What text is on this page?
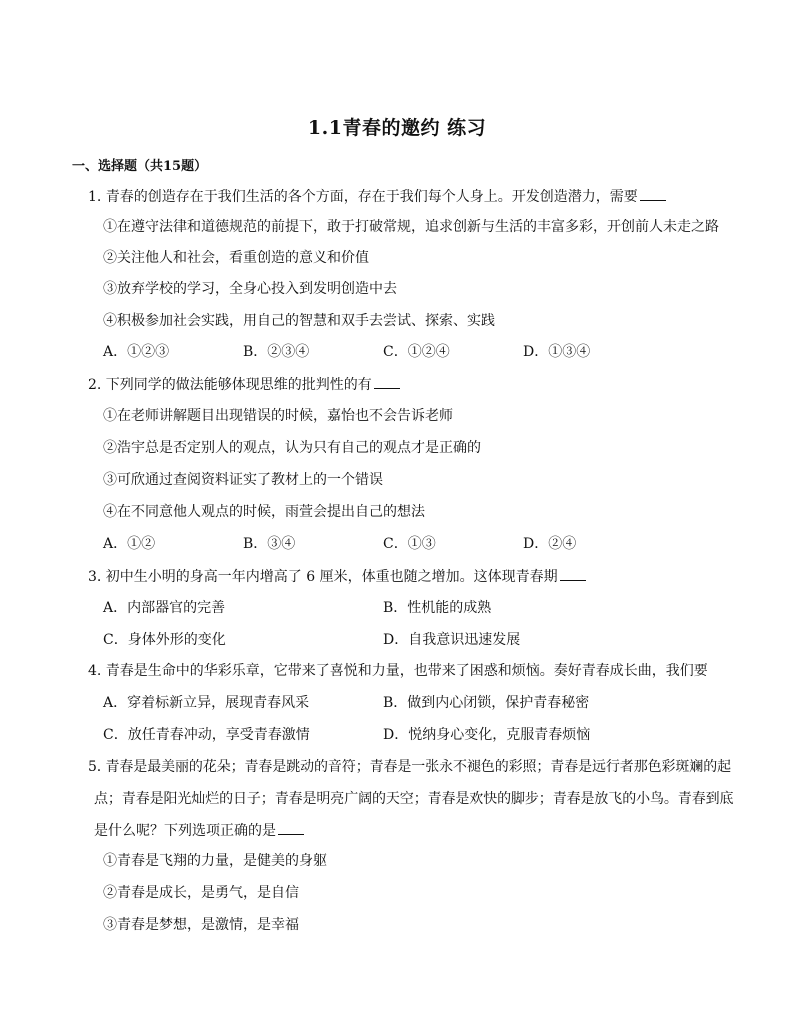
1.1青春的邀约 练习
一、选择题（共15题）
1. 青春的创造存在于我们生活的各个方面，存在于我们每个人身上。开发创造潜力，需要
①在遵守法律和道德规范的前提下，敢于打破常规，追求创新与生活的丰富多彩，开创前人未走之路
②关注他人和社会，看重创造的意义和价值
③放弃学校的学习，全身心投入到发明创造中去
④积极参加社会实践，用自己的智慧和双手去尝试、探索、实践
A．①②③	B．②③④	C．①②④	D．①③④
2. 下列同学的做法能够体现思维的批判性的有
①在老师讲解题目出现错误的时候，嘉怡也不会告诉老师
②浩宇总是否定别人的观点，认为只有自己的观点才是正确的
③可欣通过查阅资料证实了教材上的一个错误
④在不同意他人观点的时候，雨萱会提出自己的想法
A．①②	B．③④	C．①③	D．②④
3. 初中生小明的身高一年内增高了 6 厘米，体重也随之增加。这体现青春期
A．内部器官的完善	B．性机能的成熟
C．身体外形的变化	D．自我意识迅速发展
4. 青春是生命中的华彩乐章，它带来了喜悦和力量，也带来了困惑和烦恼。奏好青春成长曲，我们要
A．穿着标新立异，展现青春风采	B．做到内心闭锁，保护青春秘密
C．放任青春冲动，享受青春激情	D．悦纳身心变化，克服青春烦恼
5. 青春是最美丽的花朵；青春是跳动的音符；青春是一张永不褪色的彩照；青春是远行者那色彩斑斓的起
点；青春是阳光灿烂的日子；青春是明亮广阔的天空；青春是欢快的脚步；青春是放飞的小鸟。青春到底
是什么呢？下列选项正确的是
①青春是飞翔的力量，是健美的身躯
②青春是成长，是勇气，是自信
③青春是梦想，是激情，是幸福
